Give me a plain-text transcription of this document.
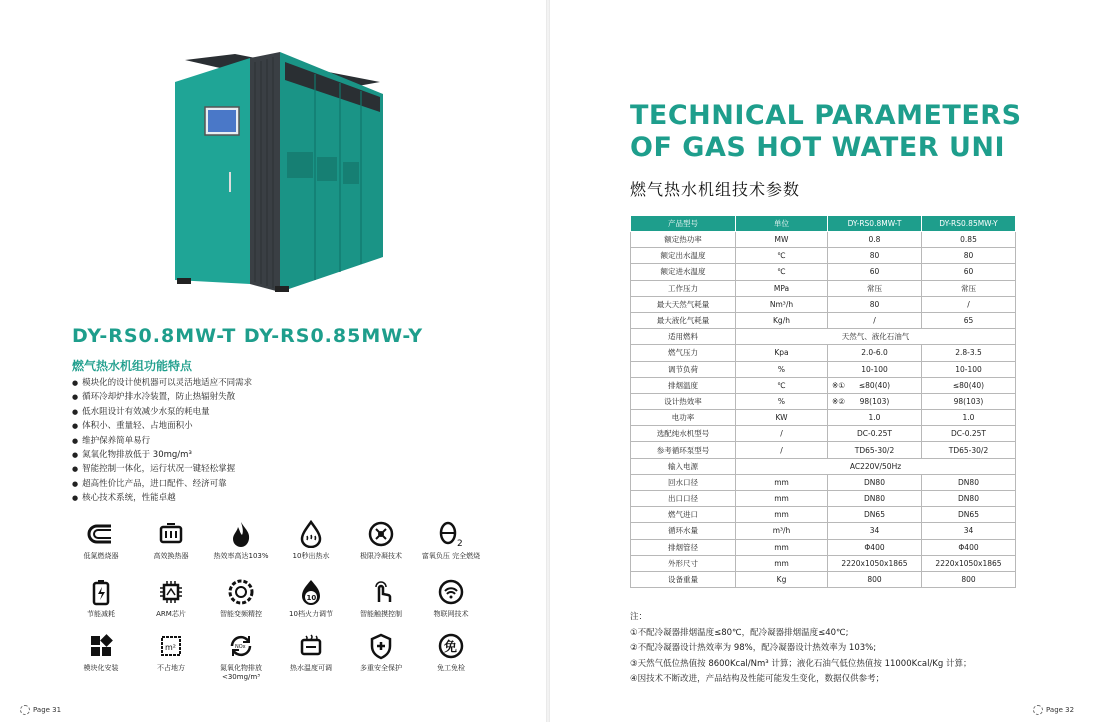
DY-RS0.8MW-T DY-RS0.85MW-Y
燃气热水机组功能特点
● 模块化的设计使机器可以灵活地适应不同需求
● 循环冷却炉排水冷装置，防止热辐射失散
● 低水阻设计有效减少水泵的耗电量
● 体积小、重量轻、占地面积小
● 维护保养简单易行
● 氮氧化物排放低于 30mg/m³
● 智能控制一体化，运行状况一键轻松掌握
● 超高性价比产品，进口配件、经济可靠
● 核心技术系统，性能卓越
低氮燃烧器	高效换热器	热效率高达103%	10秒出热水	极限冷凝技术
2
富氧负压 完全燃烧
节能减耗	ARM芯片	智能变频精控
10
10档火力调节	智能触摸控制	物联网技术
模块化安装
m²
不占地方
NOx
氮氧化物排放
<30mg/m³
热水温度可调	多重安全保护
免
免工免检
Page 31
TECHNICAL PARAMETERS
OF GAS HOT WATER UNI
燃气热水机组技术参数
产品型号	单位	DY-RS0.8MW-T	DY-RS0.85MW-Y
额定热功率	MW	0.8	0.85
额定出水温度	℃	80	80
额定进水温度	℃	60	60
工作压力	MPa	常压	常压
最大天然气耗量	Nm³/h	80	/
最大液化气耗量	Kg/h	/	65
适用燃料	天然气、液化石油气		
燃气压力	Kpa	2.0-6.0	2.8-3.5
调节负荷	%	10-100	10-100
排烟温度	℃	※① ≤80(40)	≤80(40)
设计热效率	%	※② 98(103)	98(103)
电功率	KW	1.0	1.0
选配纯水机型号	/	DC-0.25T	DC-0.25T
参考循环泵型号	/	TD65-30/2	TD65-30/2
输入电源	AC220V/50Hz		
回水口径	mm	DN80	DN80
出口口径	mm	DN80	DN80
燃气进口	mm	DN65	DN65
循环水量	m³/h	34	34
排烟管径	mm	Φ400	Φ400
外形尺寸	mm	2220x1050x1865	2220x1050x1865
设备重量	Kg	800	800
注：
①不配冷凝器排烟温度≤80℃，配冷凝器排烟温度≤40℃;
②不配冷凝器设计热效率为 98%，配冷凝器设计热效率为 103%;
③天然气低位热值按 8600Kcal/Nm³ 计算；液化石油气低位热值按 11000Kcal/Kg 计算；
④因技术不断改进，产品结构及性能可能发生变化，数据仅供参考；
Page 32
